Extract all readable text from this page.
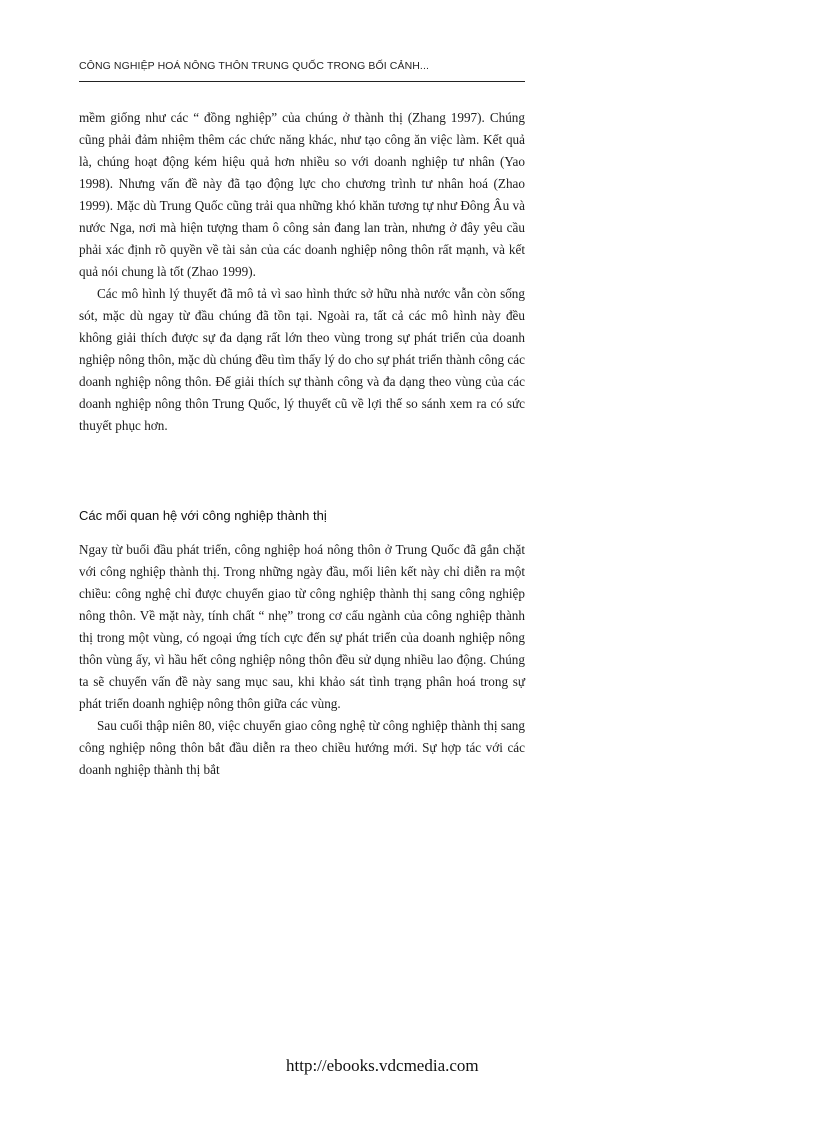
CÔNG NGHIỆP HOÁ NÔNG THÔN TRUNG QUỐC TRONG BỐI CẢNH...

mềm giống như các “ đồng nghiệp” của chúng ở thành thị (Zhang 1997). Chúng cũng phải đảm nhiệm thêm các chức năng khác, như tạo công ăn việc làm. Kết quả là, chúng hoạt động kém hiệu quả hơn nhiều so với doanh nghiệp tư nhân (Yao 1998). Nhưng vấn đề này đã tạo động lực cho chương trình tư nhân hoá (Zhao 1999). Mặc dù Trung Quốc cũng trải qua những khó khăn tương tự như Đông Âu và nước Nga, nơi mà hiện tượng tham ô công sản đang lan tràn, nhưng ở đây yêu cầu phải xác định rõ quyền về tài sản của các doanh nghiệp nông thôn rất mạnh, và kết quả nói chung là tốt (Zhao 1999).

Các mô hình lý thuyết đã mô tả vì sao hình thức sở hữu nhà nước vẫn còn sống sót, mặc dù ngay từ đầu chúng đã tồn tại. Ngoài ra, tất cả các mô hình này đều không giải thích được sự đa dạng rất lớn theo vùng trong sự phát triển của doanh nghiệp nông thôn, mặc dù chúng đều tìm thấy lý do cho sự phát triển thành công các doanh nghiệp nông thôn. Để giải thích sự thành công và đa dạng theo vùng của các doanh nghiệp nông thôn Trung Quốc, lý thuyết cũ về lợi thế so sánh xem ra có sức thuyết phục hơn.

Các mối quan hệ với công nghiệp thành thị

Ngay từ buổi đầu phát triển, công nghiệp hoá nông thôn ở Trung Quốc đã gắn chặt với công nghiệp thành thị. Trong những ngày đầu, mối liên kết này chỉ diễn ra một chiều: công nghệ chỉ được chuyển giao từ công nghiệp thành thị sang công nghiệp nông thôn. Về mặt này, tính chất “ nhẹ” trong cơ cấu ngành của công nghiệp thành thị trong một vùng, có ngoại ứng tích cực đến sự phát triển của doanh nghiệp nông thôn vùng ấy, vì hầu hết công nghiệp nông thôn đều sử dụng nhiều lao động. Chúng ta sẽ chuyển vấn đề này sang mục sau, khi khảo sát tình trạng phân hoá trong sự phát triển doanh nghiệp nông thôn giữa các vùng.

Sau cuối thập niên 80, việc chuyển giao công nghệ từ công nghiệp thành thị sang công nghiệp nông thôn bắt đầu diễn ra theo chiều hướng mới. Sự hợp tác với các doanh nghiệp thành thị bắt

http://ebooks.vdcmedia.com
